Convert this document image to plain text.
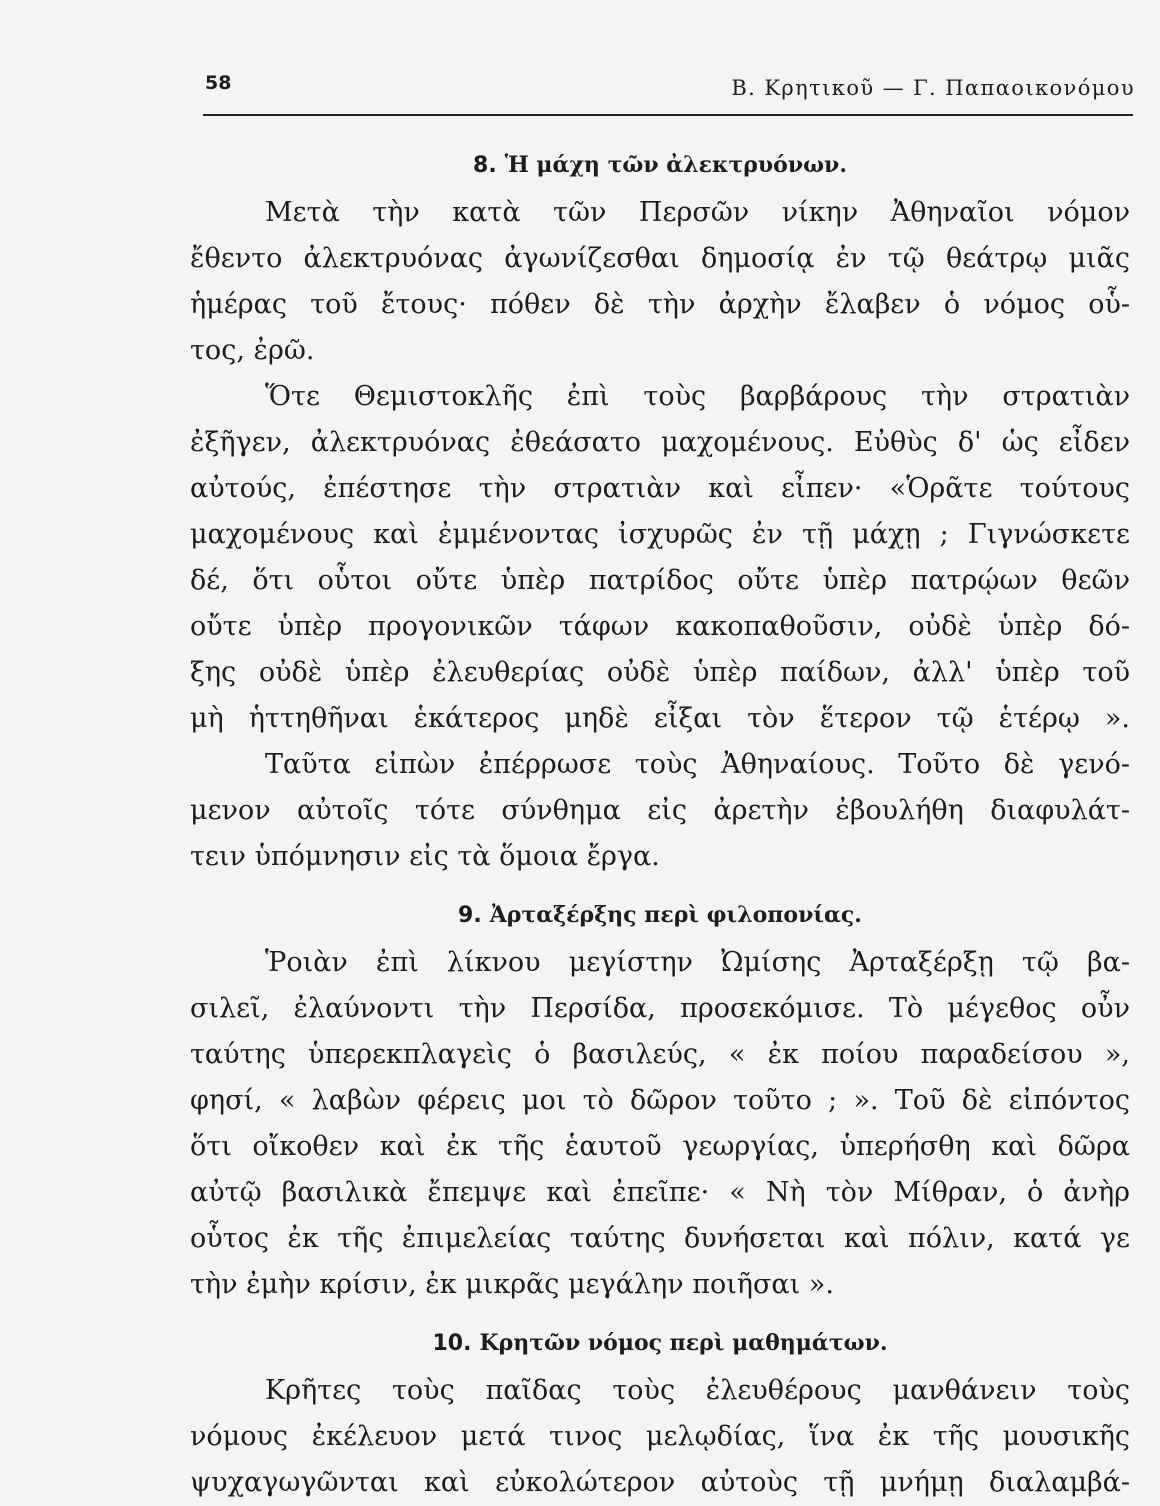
58	Β. Κρητικοῦ — Γ. Παπαοικονόμου
8. Ἡ μάχη τῶν ἀλεκτρυόνων.

Μετὰ τὴν κατὰ τῶν Περσῶν νίκην Ἀθηναῖοι νόμον
ἔθεντο ἀλεκτρυόνας ἀγωνίζεσθαι δημοσίᾳ ἐν τῷ θεάτρῳ μιᾶς
ἡμέρας τοῦ ἔτους· πόθεν δὲ τὴν ἀρχὴν ἔλαβεν ὁ νόμος οὗ-
τος, ἐρῶ.

Ὅτε Θεμιστοκλῆς ἐπὶ τοὺς βαρβάρους τὴν στρατιὰν
ἐξῆγεν, ἀλεκτρυόνας ἐθεάσατο μαχομένους. Εὐθὺς δ' ὡς εἶδεν
αὐτούς, ἐπέστησε τὴν στρατιὰν καὶ εἶπεν· «Ὁρᾶτε τούτους
μαχομένους καὶ ἐμμένοντας ἰσχυρῶς ἐν τῇ μάχῃ ; Γιγνώσκετε
δέ, ὅτι οὗτοι οὔτε ὑπὲρ πατρίδος οὔτε ὑπὲρ πατρῴων θεῶν
οὔτε ὑπὲρ προγονικῶν τάφων κακοπαθοῦσιν, οὐδὲ ὑπὲρ δό-
ξης οὐδὲ ὑπὲρ ἐλευθερίας οὐδὲ ὑπὲρ παίδων, ἀλλ' ὑπὲρ τοῦ
μὴ ἡττηθῆναι ἑκάτερος μηδὲ εἶξαι τὸν ἕτερον τῷ ἑτέρῳ ».

Ταῦτα εἰπὼν ἐπέρρωσε τοὺς Ἀθηναίους. Τοῦτο δὲ γενό-
μενον αὐτοῖς τότε σύνθημα εἰς ἀρετὴν ἐβουλήθη διαφυλάτ-
τειν ὑπόμνησιν εἰς τὰ ὅμοια ἔργα.

9. Ἀρταξέρξης περὶ φιλοπονίας.

Ῥοιὰν ἐπὶ λίκνου μεγίστην Ὠμίσης Ἀρταξέρξῃ τῷ βα-
σιλεῖ, ἐλαύνοντι τὴν Περσίδα, προσεκόμισε. Τὸ μέγεθος οὖν
ταύτης ὑπερεκπλαγεὶς ὁ βασιλεύς, « ἐκ ποίου παραδείσου »,
φησί, « λαβὼν φέρεις μοι τὸ δῶρον τοῦτο ; ». Τοῦ δὲ εἰπόντος
ὅτι οἴκοθεν καὶ ἐκ τῆς ἑαυτοῦ γεωργίας, ὑπερήσθη καὶ δῶρα
αὐτῷ βασιλικὰ ἔπεμψε καὶ ἐπεῖπε· « Νὴ τὸν Μίθραν, ὁ ἀνὴρ
οὗτος ἐκ τῆς ἐπιμελείας ταύτης δυνήσεται καὶ πόλιν, κατά γε
τὴν ἐμὴν κρίσιν, ἐκ μικρᾶς μεγάλην ποιῆσαι ».

10. Κρητῶν νόμος περὶ μαθημάτων.

Κρῆτες τοὺς παῖδας τοὺς ἐλευθέρους μανθάνειν τοὺς
νόμους ἐκέλευον μετά τινος μελῳδίας, ἵνα ἐκ τῆς μουσικῆς
ψυχαγωγῶνται καὶ εὐκολώτερον αὐτοὺς τῇ μνήμῃ διαλαμβά-
